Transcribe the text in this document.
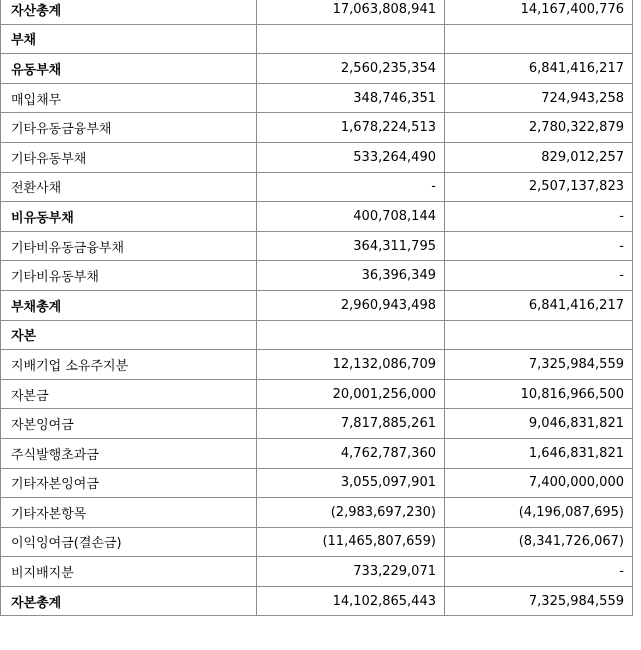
자산총계	17,063,808,941	14,167,400,776
부채		
유동부채	2,560,235,354	6,841,416,217
매입채무	348,746,351	724,943,258
기타유동금융부채	1,678,224,513	2,780,322,879
기타유동부채	533,264,490	829,012,257
전환사채	-	2,507,137,823
비유동부채	400,708,144	-
기타비유동금융부채	364,311,795	-
기타비유동부채	36,396,349	-
부채총계	2,960,943,498	6,841,416,217
자본		
지배기업 소유주지분	12,132,086,709	7,325,984,559
자본금	20,001,256,000	10,816,966,500
자본잉여금	7,817,885,261	9,046,831,821
주식발행초과금	4,762,787,360	1,646,831,821
기타자본잉여금	3,055,097,901	7,400,000,000
기타자본항목	(2,983,697,230)	(4,196,087,695)
이익잉여금(결손금)	(11,465,807,659)	(8,341,726,067)
비지배지분	733,229,071	-
자본총계	14,102,865,443	7,325,984,559
